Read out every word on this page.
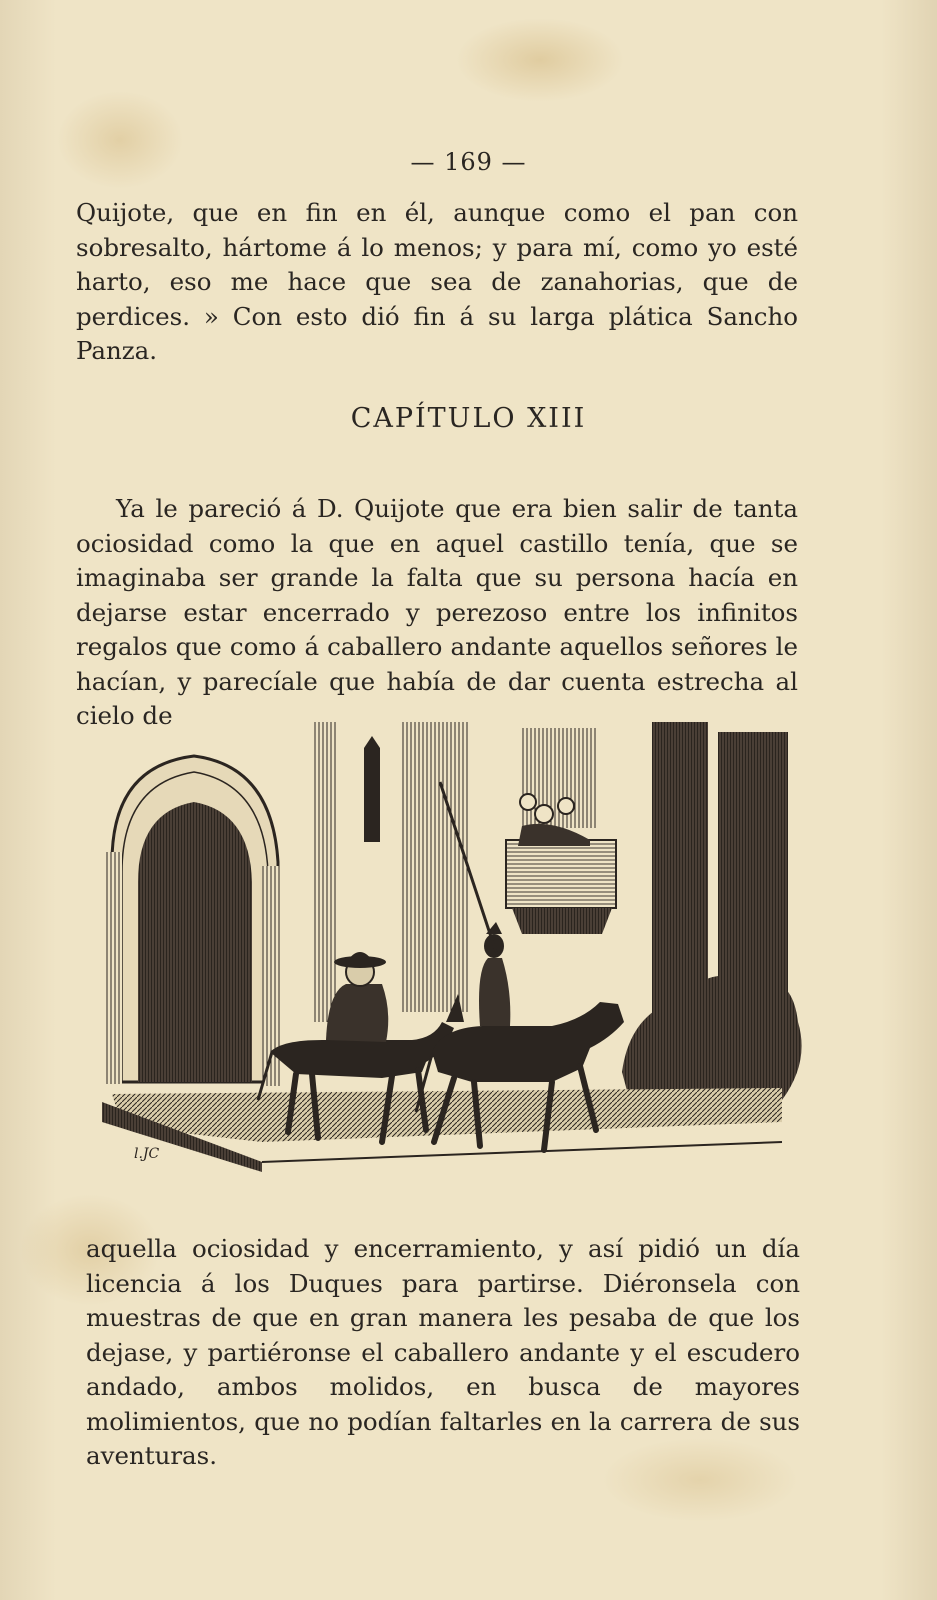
— 169 —

Quijote, que en fin en él, aunque como el pan con sobresalto, hártome á lo menos; y para mí, como yo esté harto, eso me hace que sea de zanahorias, que de perdices. » Con esto dió fin á su larga plática Sancho Panza.

CAPÍTULO XIII

Ya le pareció á D. Quijote que era bien salir de tanta ociosidad como la que en aquel castillo tenía, que se imaginaba ser grande la falta que su persona hacía en dejarse estar encerrado y perezoso entre los infinitos regalos que como á caballero andante aquellos señores le hacían, y parecíale que había de dar cuenta estrecha al cielo de

l.JC

aquella ociosidad y encerramiento, y así pidió un día licencia á los Duques para partirse. Diéronsela con muestras de que en gran manera les pesaba de que los dejase, y partiéronse el caballero andante y el escudero andado, ambos molidos, en busca de mayores molimientos, que no podían faltarles en la carrera de sus aventuras.
